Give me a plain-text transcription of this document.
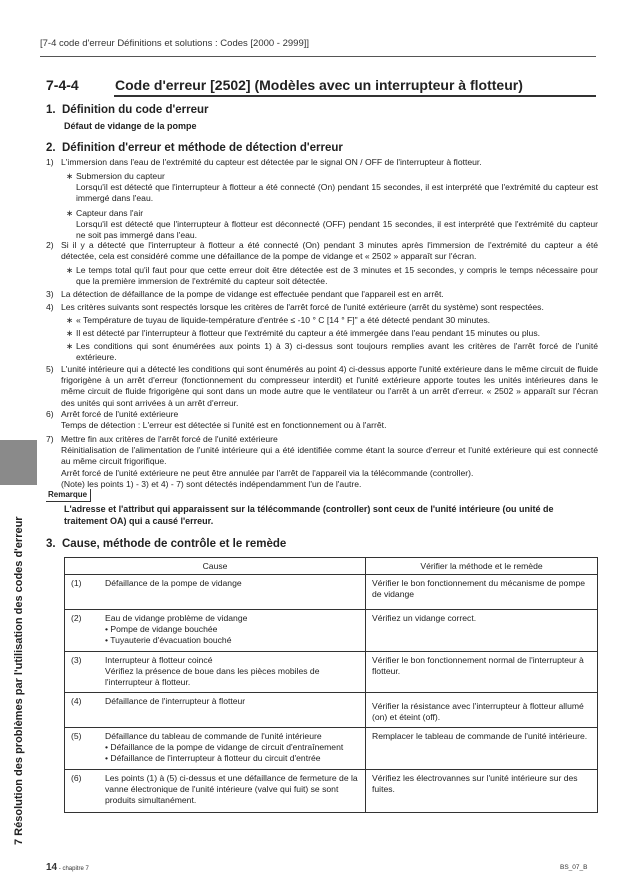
[7-4 code d'erreur Définitions et solutions : Codes [2000 - 2999]]
7-4-4	Code d'erreur [2502] (Modèles avec un interrupteur à flotteur)
1. Définition du code d'erreur
Défaut de vidange de la pompe
2. Définition d'erreur et méthode de détection d'erreur
1) L'immersion dans l'eau de l'extrémité du capteur est détectée par le signal ON / OFF de l'interrupteur à flotteur.
∗ Submersion du capteur
Lorsqu'il est détecté que l'interrupteur à flotteur a été connecté (On) pendant 15 secondes, il est interprété que l'extrémité du capteur est immergé dans l'eau.
∗ Capteur dans l'air
Lorsqu'il est détecté que l'interrupteur à flotteur est déconnecté (OFF) pendant 15 secondes, il est interprété que l'extrémité du capteur ne soit pas immergé dans l'eau.
2) Si il y a détecté que l'interrupteur à flotteur a été connecté (On) pendant 3 minutes après l'immersion de l'extrémité du capteur a été détectée, cela est considéré comme une défaillance de la pompe de vidange et « 2502 » apparaît sur l'écran.
∗ Le temps total qu'il faut pour que cette erreur doit être détectée est de 3 minutes et 15 secondes, y compris le temps nécessaire pour que la première immersion de l'extrémité du capteur soit détectée.
3) La détection de défaillance de la pompe de vidange est effectuée pendant que l'appareil est en arrêt.
4) Les critères suivants sont respectés lorsque les critères de l'arrêt forcé de l'unité extérieure (arrêt du système) sont respectées.
∗ « Température de tuyau de liquide-température d'entrée ≤ -10 ° C [14 ° F]" a été détecté pendant 30 minutes.
∗ Il est détecté par l'interrupteur à flotteur que l'extrémité du capteur a été immergée dans l'eau pendant 15 minutes ou plus.
∗ Les conditions qui sont énumérées aux points 1) à 3) ci-dessus sont toujours remplies avant les critères de l'arrêt forcé de l'unité extérieure.
5) L'unité intérieure qui a détecté les conditions qui sont énumérés au point 4) ci-dessus apporte l'unité extérieure dans le même circuit de fluide frigorigène à un arrêt d'erreur (fonctionnement du compresseur interdit) et l'unité extérieure apporte toutes les unités intérieures dans le même circuit de fluide frigorigène qui sont dans un mode autre que le ventilateur ou l'arrêt à un arrêt d'erreur. « 2502 » apparaît sur l'écran des unités qui sont arrivées à un arrêt d'erreur.
6) Arrêt forcé de l'unité extérieure
Temps de détection : L'erreur est détectée si l'unité est en fonctionnement ou à l'arrêt.
7) Mettre fin aux critères de l'arrêt forcé de l'unité extérieure
Réinitialisation de l'alimentation de l'unité intérieure qui a été identifiée comme étant la source d'erreur et l'unité extérieure qui est connecté au même circuit frigorifique.
Arrêt forcé de l'unité extérieure ne peut être annulée par l'arrêt de l'appareil via la télécommande (controller).
(Note) les points 1) - 3) et 4) - 7) sont détectés indépendamment l'un de l'autre.
Remarque
L'adresse et l'attribut qui apparaissent sur la télécommande (controller) sont ceux de l'unité intérieure (ou unité de traitement OA) qui a causé l'erreur.
3. Cause, méthode de contrôle et le remède
Cause		Vérifier la méthode et le remède
(1)	Défaillance de la pompe de vidange	Vérifier le bon fonctionnement du mécanisme de pompe de vidange
(2)	Eau de vidange problème de vidange
• Pompe de vidange bouchée
• Tuyauterie d'évacuation bouché	Vérifiez un vidange correct.
(3)	Interrupteur à flotteur coincé
Vérifiez la présence de boue dans les pièces mobiles de l'interrupteur à flotteur.	Vérifier le bon fonctionnement normal de l'interrupteur à flotteur.
(4)	Défaillance de l'interrupteur à flotteur	Vérifier la résistance avec l'interrupteur à flotteur allumé (on) et éteint (off).
(5)	Défaillance du tableau de commande de l'unité intérieure
• Défaillance de la pompe de vidange de circuit d'entraînement
• Défaillance de l'interrupteur à flotteur du circuit d'entrée	Remplacer le tableau de commande de l'unité intérieure.
(6)	Les points (1) à (5) ci-dessus et une défaillance de fermeture de la vanne électronique de l'unité intérieure (valve qui fuit) se sont produits simultanément.	Vérifiez les électrovannes sur l'unité intérieure sur des fuites.
7 Résolution des problèmes par l'utilisation des codes d'erreur
14 - chapitre 7	BS_07_B
